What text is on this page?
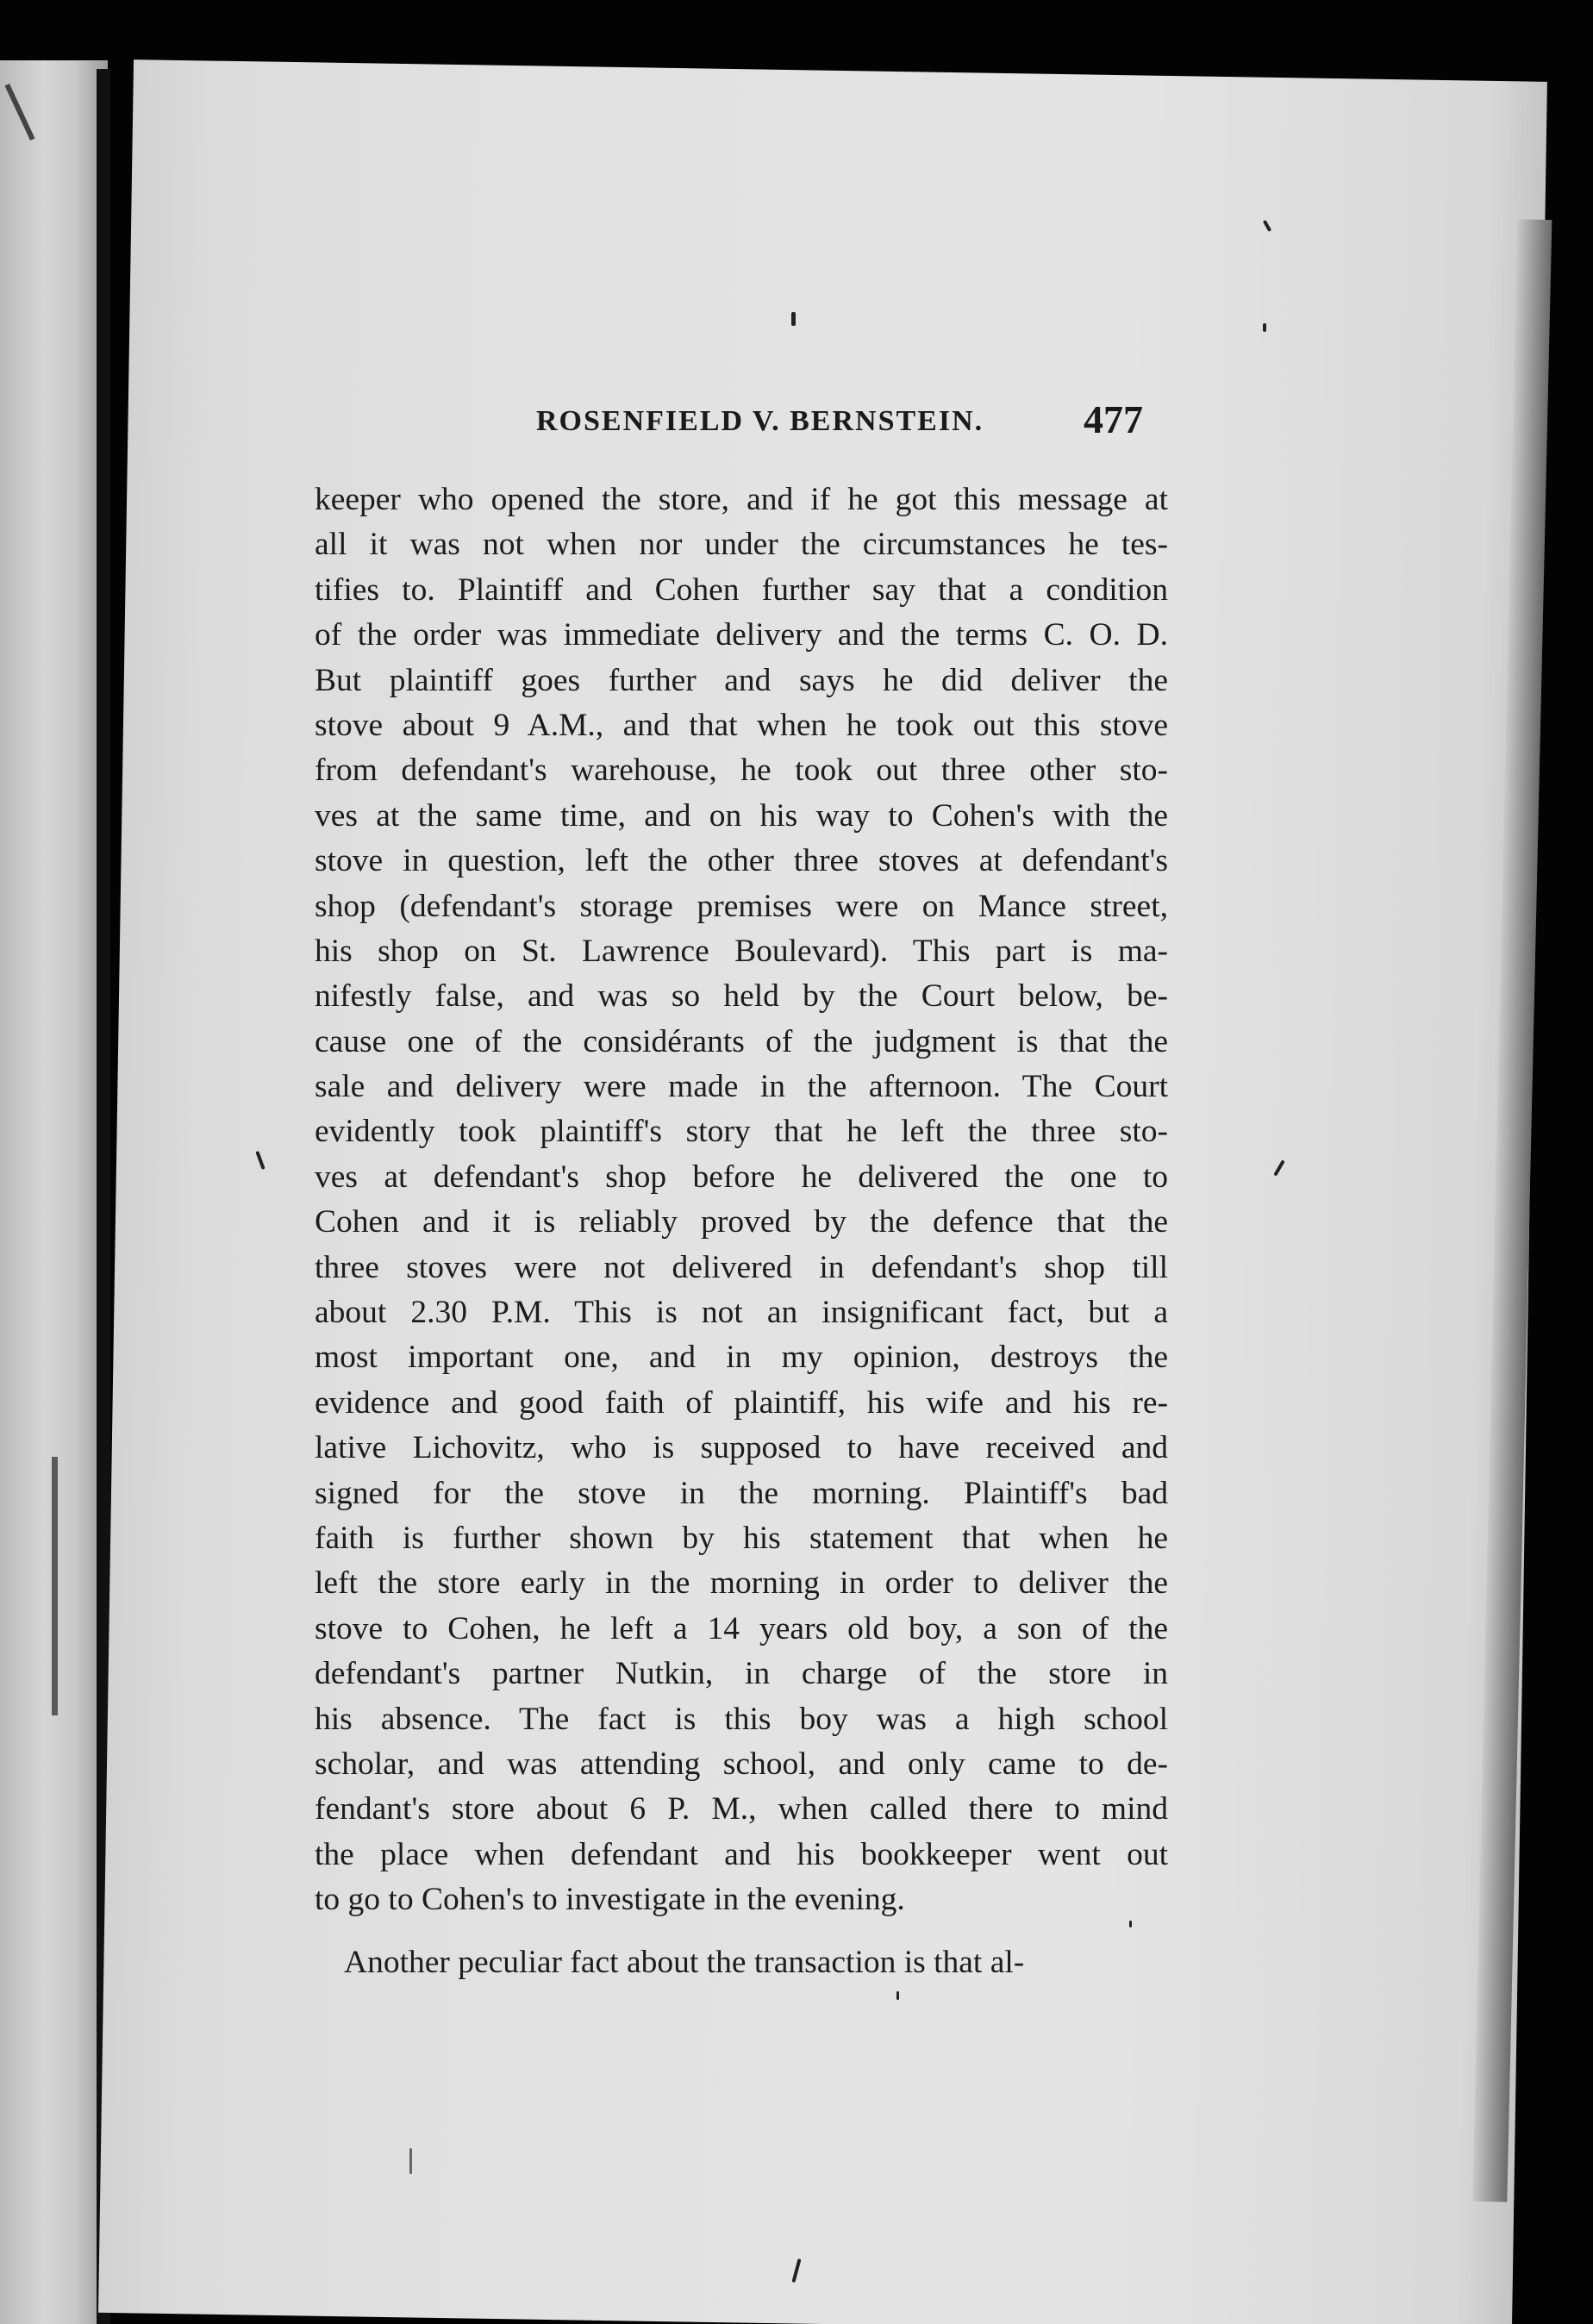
ROSENFIELD V. BERNSTEIN.	477
keeper who opened the store, and if he got this message at
all it was not when nor under the circumstances he tes-
tifies to. Plaintiff and Cohen further say that a condition
of the order was immediate delivery and the terms C. O. D.
But plaintiff goes further and says he did deliver the
stove about 9 A.M., and that when he took out this stove
from defendant's warehouse, he took out three other sto-
ves at the same time, and on his way to Cohen's with the
stove in question, left the other three stoves at defendant's
shop (defendant's storage premises were on Mance street,
his shop on St. Lawrence Boulevard). This part is ma-
nifestly false, and was so held by the Court below, be-
cause one of the considérants of the judgment is that the
sale and delivery were made in the afternoon. The Court
evidently took plaintiff's story that he left the three sto-
ves at defendant's shop before he delivered the one to
Cohen and it is reliably proved by the defence that the
three stoves were not delivered in defendant's shop till
about 2.30 P.M. This is not an insignificant fact, but a
most important one, and in my opinion, destroys the
evidence and good faith of plaintiff, his wife and his re-
lative Lichovitz, who is supposed to have received and
signed for the stove in the morning. Plaintiff's bad
faith is further shown by his statement that when he
left the store early in the morning in order to deliver the
stove to Cohen, he left a 14 years old boy, a son of the
defendant's partner Nutkin, in charge of the store in
his absence. The fact is this boy was a high school
scholar, and was attending school, and only came to de-
fendant's store about 6 P. M., when called there to mind
the place when defendant and his bookkeeper went out
to go to Cohen's to investigate in the evening.
Another peculiar fact about the transaction is that al-
